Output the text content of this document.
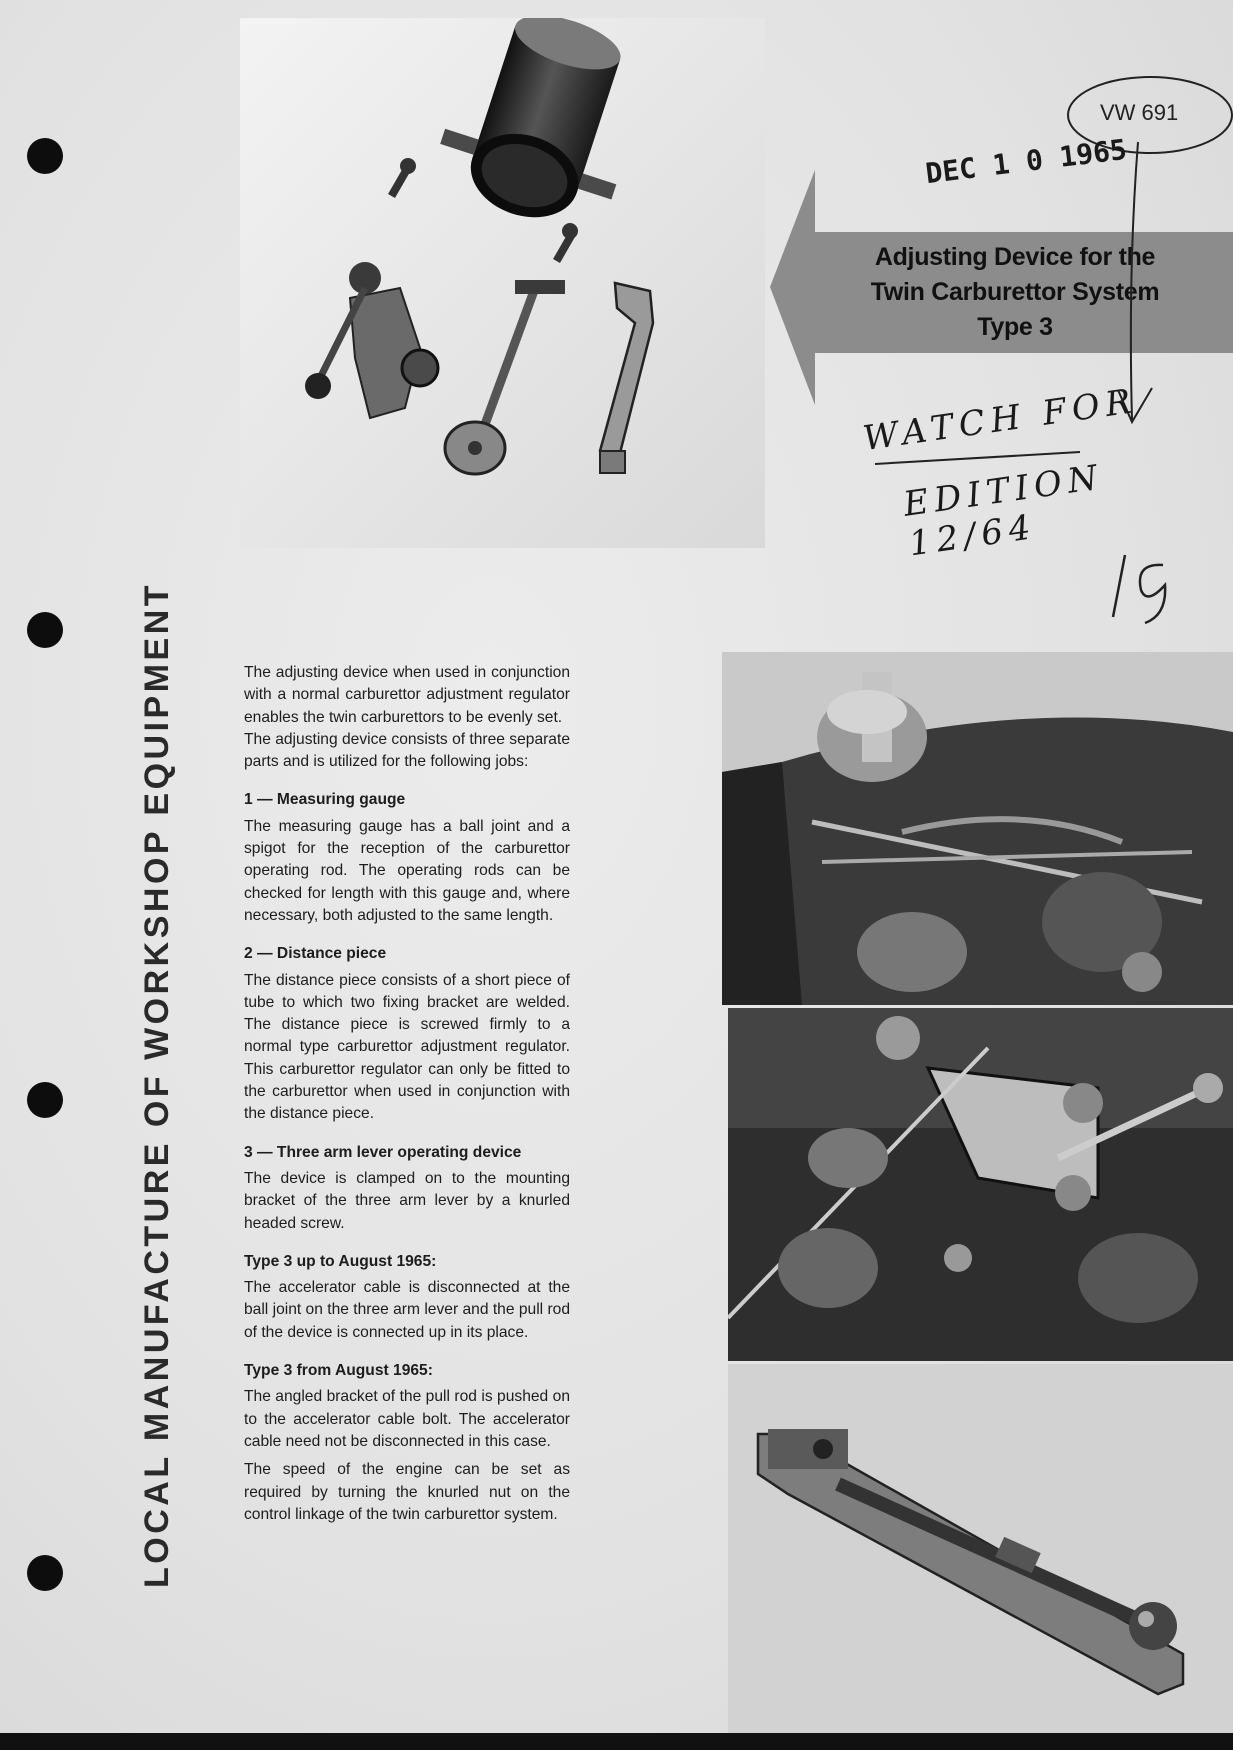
LOCAL MANUFACTURE OF WORKSHOP EQUIPMENT
Adjusting Device for the
Twin Carburettor System
Type 3
DEC 1 0 1965
VW 691
WATCH FOR
EDITION 12/64

The adjusting device when used in conjunction with a normal carburettor adjustment regulator enables the twin carburettors to be evenly set.

The adjusting device consists of three separate parts and is utilized for the following jobs:

1 — Measuring gauge

The measuring gauge has a ball joint and a spigot for the reception of the carburettor operating rod. The operating rods can be checked for length with this gauge and, where necessary, both adjusted to the same length.

2 — Distance piece

The distance piece consists of a short piece of tube to which two fixing bracket are welded. The distance piece is screwed firmly to a normal type carburettor adjustment regulator. This carburettor regulator can only be fitted to the carburettor when used in conjunction with the distance piece.

3 — Three arm lever operating device

The device is clamped on to the mounting bracket of the three arm lever by a knurled headed screw.

Type 3 up to August 1965:

The accelerator cable is disconnected at the ball joint on the three arm lever and the pull rod of the device is connected up in its place.

Type 3 from August 1965:

The angled bracket of the pull rod is pushed on to the accelerator cable bolt. The accelerator cable need not be disconnected in this case.

The speed of the engine can be set as required by turning the knurled nut on the control linkage of the twin carburettor system.
